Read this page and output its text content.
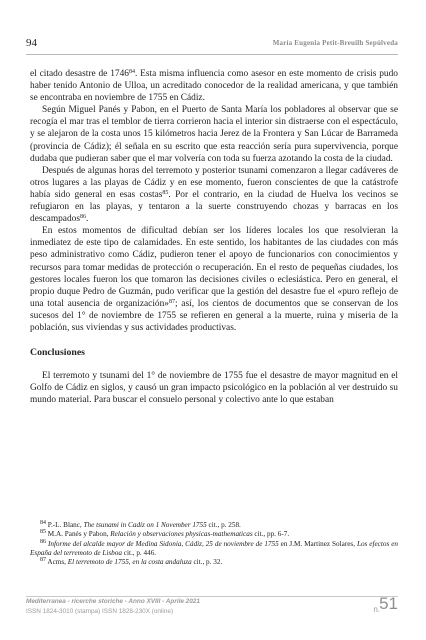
94	María Eugenia Petit-Breuilh Sepúlveda

el citado desastre de 1746$^{84}$. Esta misma influencia como asesor en este momento de crisis pudo haber tenido Antonio de Ulloa, un acreditado conocedor de la realidad americana, y que también se encontraba en noviembre de 1755 en Cádiz.

Según Miguel Panés y Pabon, en el Puerto de Santa María los pobladores al observar que se recogía el mar tras el temblor de tierra corrieron hacia el interior sin distraerse con el espectáculo, y se alejaron de la costa unos 15 kilómetros hacia Jerez de la Frontera y San Lúcar de Barrameda (provincia de Cádiz); él señala en su escrito que esta reacción sería pura supervivencia, porque dudaba que pudieran saber que el mar volvería con toda su fuerza azotando la costa de la ciudad.

Después de algunas horas del terremoto y posterior tsunami comenzaron a llegar cadáveres de otros lugares a las playas de Cádiz y en ese momento, fueron conscientes de que la catástrofe había sido general en esas costas$^{85}$. Por el contrario, en la ciudad de Huelva los vecinos se refugiaron en las playas, y tentaron a la suerte construyendo chozas y barracas en los descampados$^{86}$.

En estos momentos de dificultad debían ser los líderes locales los que resolvieran la inmediatez de este tipo de calamidades. En este sentido, los habitantes de las ciudades con más peso administrativo como Cádiz, pudieron tener el apoyo de funcionarios con conocimientos y recursos para tomar medidas de protección o recuperación. En el resto de pequeñas ciudades, los gestores locales fueron los que tomaron las decisiones civiles o eclesiástica. Pero en general, el propio duque Pedro de Guzmán, pudo verificar que la gestión del desastre fue el «puro reflejo de una total ausencia de organización»$^{87}$; así, los cientos de documentos que se conservan de los sucesos del 1° de noviembre de 1755 se refieren en general a la muerte, ruina y miseria de la población, sus viviendas y sus actividades productivas.

Conclusiones

El terremoto y tsunami del 1° de noviembre de 1755 fue el desastre de mayor magnitud en el Golfo de Cádiz en siglos, y causó un gran impacto psicológico en la población al ver destruido su mundo material. Para buscar el consuelo personal y colectivo ante lo que estaban

$^{84}$ P.-L. Blanc, The tsunami in Cadiz on 1 November 1755 cit., p. 258.

$^{85}$ M.A. Panés y Pabon, Relación y observaciones physicas-mathematicas cit., pp. 6-7.

$^{86}$ Informe del alcalde mayor de Medina Sidonia, Cádiz, 25 de noviembre de 1755 en J.M. Martinez Solares, Los efectos en España del terremoto de Lisboa cit., p. 446.

$^{87}$ Acms, El terremoto de 1755, en la costa andaluza cit., p. 32.

Mediterranea - ricerche storiche - Anno XVIII - Aprile 2021
ISSN 1824-3010 (stampa) ISSN 1828-230X (online)	n. 51
